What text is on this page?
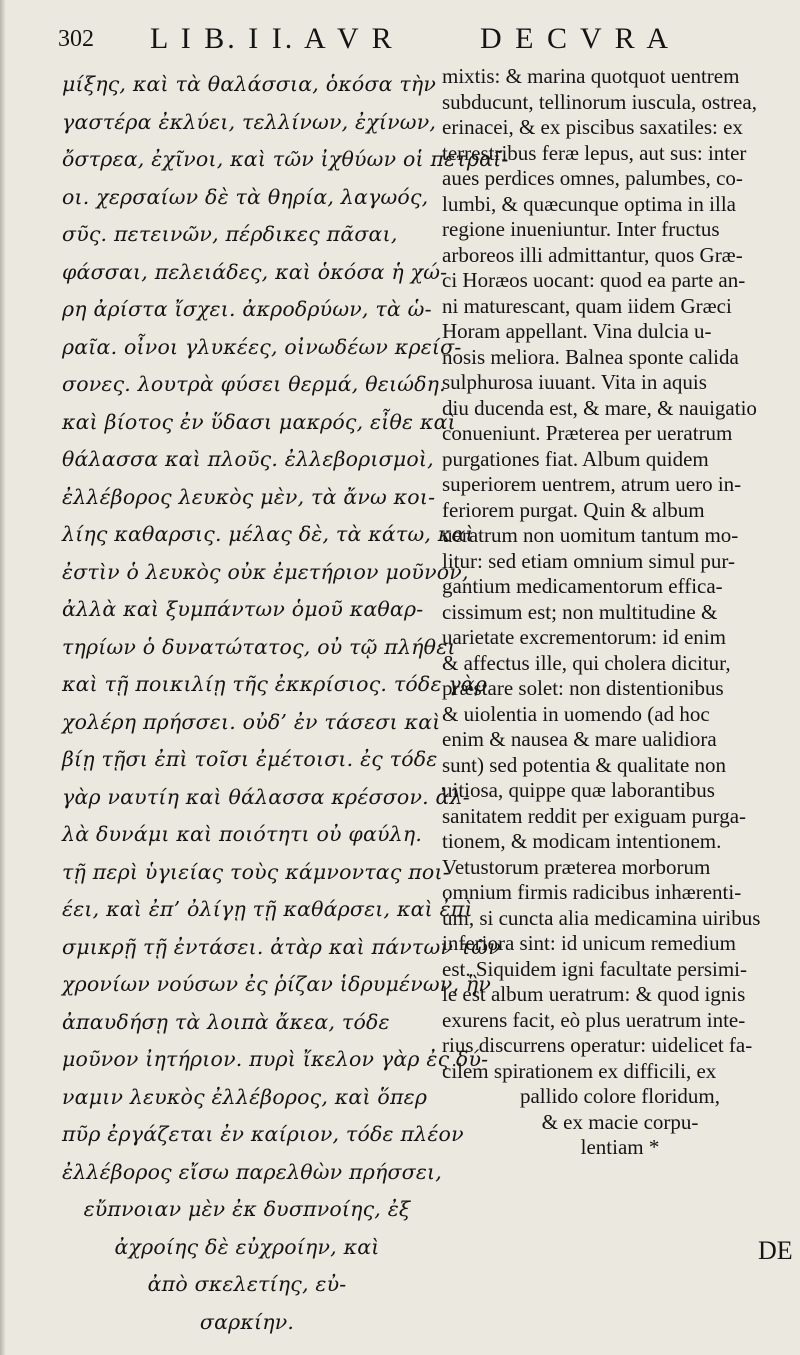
302 L I B. I I. A V R	D E C V R A
μίξης, καὶ τὰ θαλάσσια, ὁκόσα τὴν
γαστέρα ἐκλύει, τελλίνων, ἐχίνων,
ὄστρεα, ἐχῖνοι, καὶ τῶν ἰχθύων οἱ πετραῖ-
οι. χερσαίων δὲ τὰ θηρία, λαγωός,
σῦς. πετεινῶν, πέρδικες πᾶσαι,
φάσσαι, πελειάδες, καὶ ὁκόσα ἡ χώ-
ρη ἀρίστα ἴσχει. ἀκροδρύων, τὰ ὡ-
ραῖα. οἶνοι γλυκέες, οἰνωδέων κρείσ-
σονες. λουτρὰ φύσει θερμά, θειώδη.
καὶ βίοτος ἐν ὕδασι μακρός, εἶθε καὶ
θάλασσα καὶ πλοῦς. ἐλλεβορισμοὶ,
ἐλλέβορος λευκὸς μὲν, τὰ ἄνω κοι-
λίης καθαρσις. μέλας δὲ, τὰ κάτω, καὶ
ἐστὶν ὁ λευκὸς οὐκ ἐμετήριον μοῦνον,
ἀλλὰ καὶ ξυμπάντων ὁμοῦ καθαρ-
τηρίων ὁ δυνατώτατος, οὐ τῷ πλήθει
καὶ τῇ ποικιλίῃ τῆς ἐκκρίσιος. τόδε γὰρ
χολέρη πρήσσει. οὐδ’ ἐν τάσεσι καὶ
βίῃ τῇσι ἐπὶ τοῖσι ἐμέτοισι. ἐς τόδε
γὰρ ναυτίη καὶ θάλασσα κρέσσον. ἀλ-
λὰ δυνάμι καὶ ποιότητι οὐ φαύλη.
τῇ περὶ ὑγιείας τοὺς κάμνοντας ποι-
έει, καὶ ἐπ’ ὀλίγῃ τῇ καθάρσει, καὶ ἐπὶ
σμικρῇ τῇ ἐντάσει. ἀτὰρ καὶ πάντων τῶν
χρονίων νούσων ἐς ῥίζαν ἱδρυμένων, ἣν
ἀπαυδήσῃ τὰ λοιπὰ ἄκεα, τόδε
μοῦνον ἰητήριον. πυρὶ ἴκελον γὰρ ἐς δύ-
ναμιν λευκὸς ἐλλέβορος, καὶ ὅπερ
πῦρ ἐργάζεται ἐν καίριον, τόδε πλέον
ἐλλέβορος εἴσω παρελθὼν πρήσσει,
εὔπνοιαν μὲν ἐκ δυσπνοίης, ἐξ
ἀχροίης δὲ εὐχροίην, καὶ
ἀπὸ σκελετίης, εὐ-
σαρκίην.
mixtis: & marina quotquot uentrem
subducunt, tellinorum iuscula, ostrea,
erinacei, & ex piscibus saxatiles: ex
terrestribus feræ lepus, aut sus: inter
aues perdices omnes, palumbes, co-
lumbi, & quæcunque optima in illa
regione inueniuntur. Inter fructus
arboreos illi admittantur, quos Græ-
ci Horæos uocant: quod ea parte an-
ni maturescant, quam iidem Græci
Horam appellant. Vina dulcia u-
nosis meliora. Balnea sponte calida
sulphurosa iuuant. Vita in aquis
diu ducenda est, & mare, & nauigatio
conueniunt. Præterea per ueratrum
purgationes fiat. Album quidem
superiorem uentrem, atrum uero in-
feriorem purgat. Quin & album
ueratrum non uomitum tantum mo-
litur: sed etiam omnium simul pur-
gantium medicamentorum effica-
cissimum est; non multitudine &
uarietate excrementorum: id enim
& affectus ille, qui cholera dicitur,
præstare solet: non distentionibus
& uiolentia in uomendo (ad hoc
enim & nausea & mare ualidiora
sunt) sed potentia & qualitate non
uitiosa, quippe quæ laborantibus
sanitatem reddit per exiguam purga-
tionem, & modicam intentionem.
Vetustorum præterea morborum
omnium firmis radicibus inhærenti-
um, si cuncta alia medicamina uiribus
inferiora sint: id unicum remedium
est. Siquidem igni facultate persimi-
le est album ueratrum: & quod ignis
exurens facit, eò plus ueratrum inte-
rius discurrens operatur: uidelicet fa-
cilem spirationem ex difficili, ex
pallido colore floridum,
& ex macie corpu-
lentiam *
DE
